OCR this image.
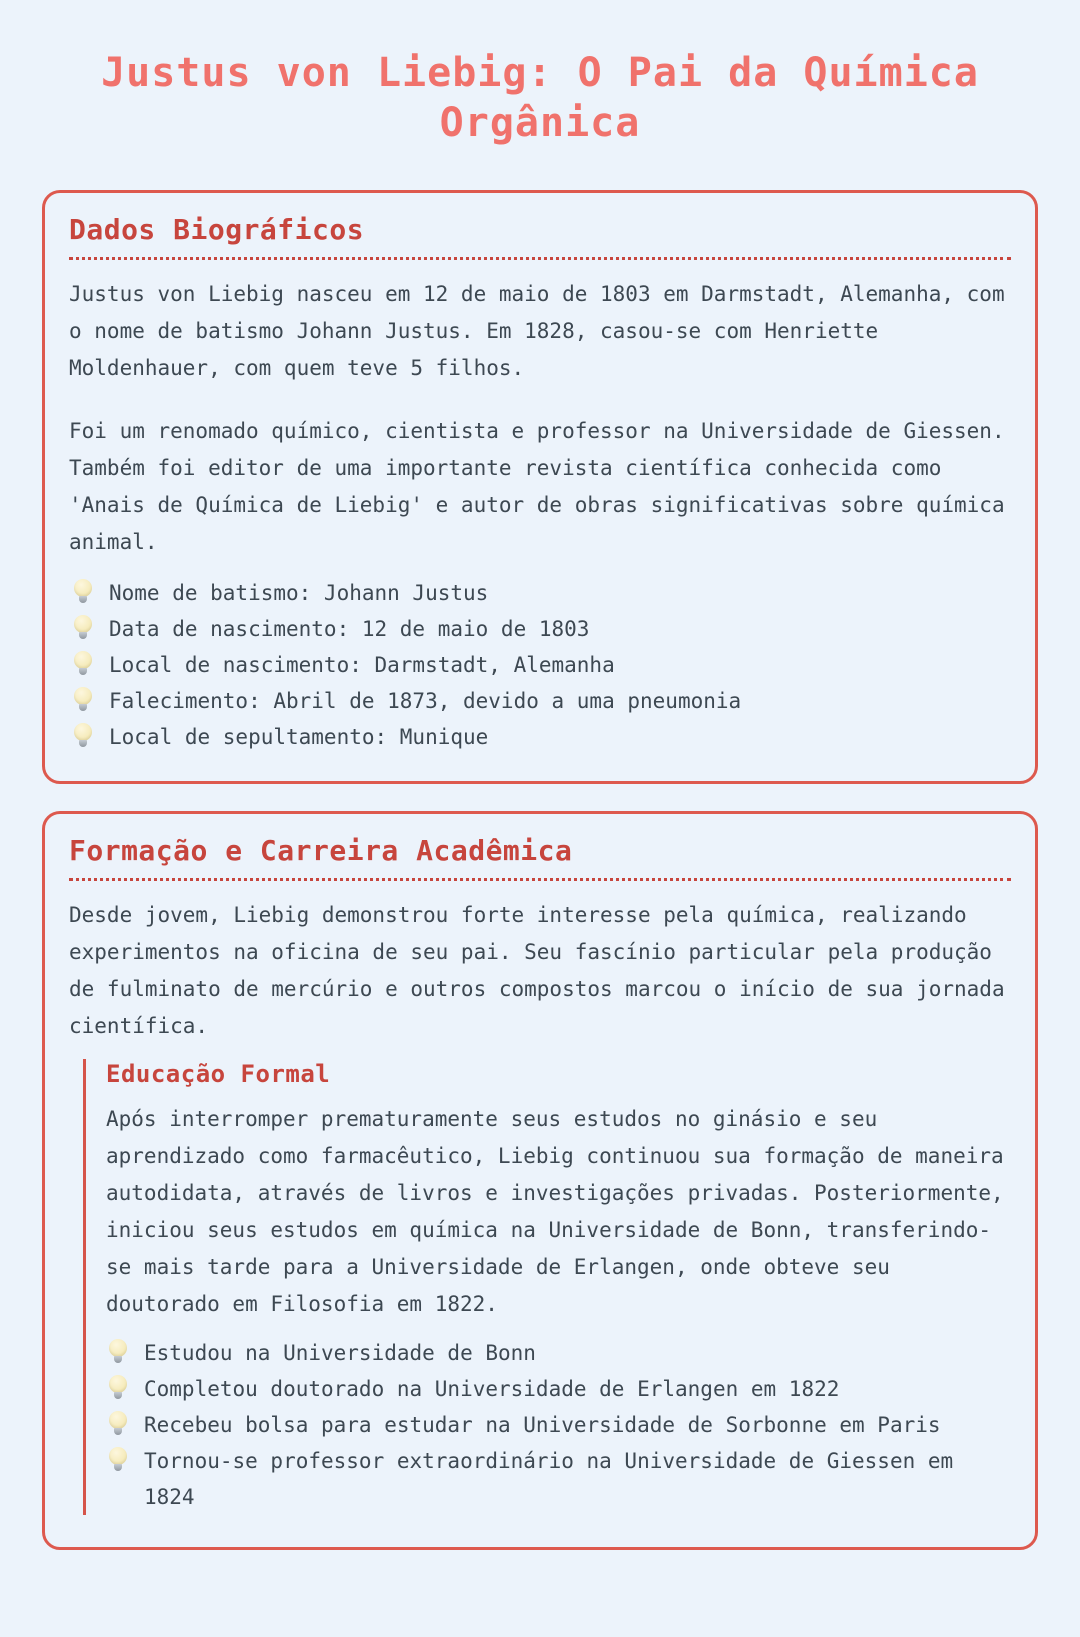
Justus von Liebig: O Pai da Química Orgânica
Dados Biográficos

Justus von Liebig nasceu em 12 de maio de 1803 em Darmstadt, Alemanha, com o nome de batismo Johann Justus. Em 1828, casou-se com Henriette Moldenhauer, com quem teve 5 filhos.

Foi um renomado químico, cientista e professor na Universidade de Giessen. Também foi editor de uma importante revista científica conhecida como 'Anais de Química de Liebig' e autor de obras significativas sobre química animal.

Nome de batismo: Johann Justus
Data de nascimento: 12 de maio de 1803
Local de nascimento: Darmstadt, Alemanha
Falecimento: Abril de 1873, devido a uma pneumonia
Local de sepultamento: Munique
Formação e Carreira Acadêmica

Desde jovem, Liebig demonstrou forte interesse pela química, realizando experimentos na oficina de seu pai. Seu fascínio particular pela produção de fulminato de mercúrio e outros compostos marcou o início de sua jornada científica.

Educação Formal

Após interromper prematuramente seus estudos no ginásio e seu aprendizado como farmacêutico, Liebig continuou sua formação de maneira autodidata, através de livros e investigações privadas. Posteriormente, iniciou seus estudos em química na Universidade de Bonn, transferindo-se mais tarde para a Universidade de Erlangen, onde obteve seu doutorado em Filosofia em 1822.

Estudou na Universidade de Bonn
Completou doutorado na Universidade de Erlangen em 1822
Recebeu bolsa para estudar na Universidade de Sorbonne em Paris
Tornou-se professor extraordinário na Universidade de Giessen em 1824
